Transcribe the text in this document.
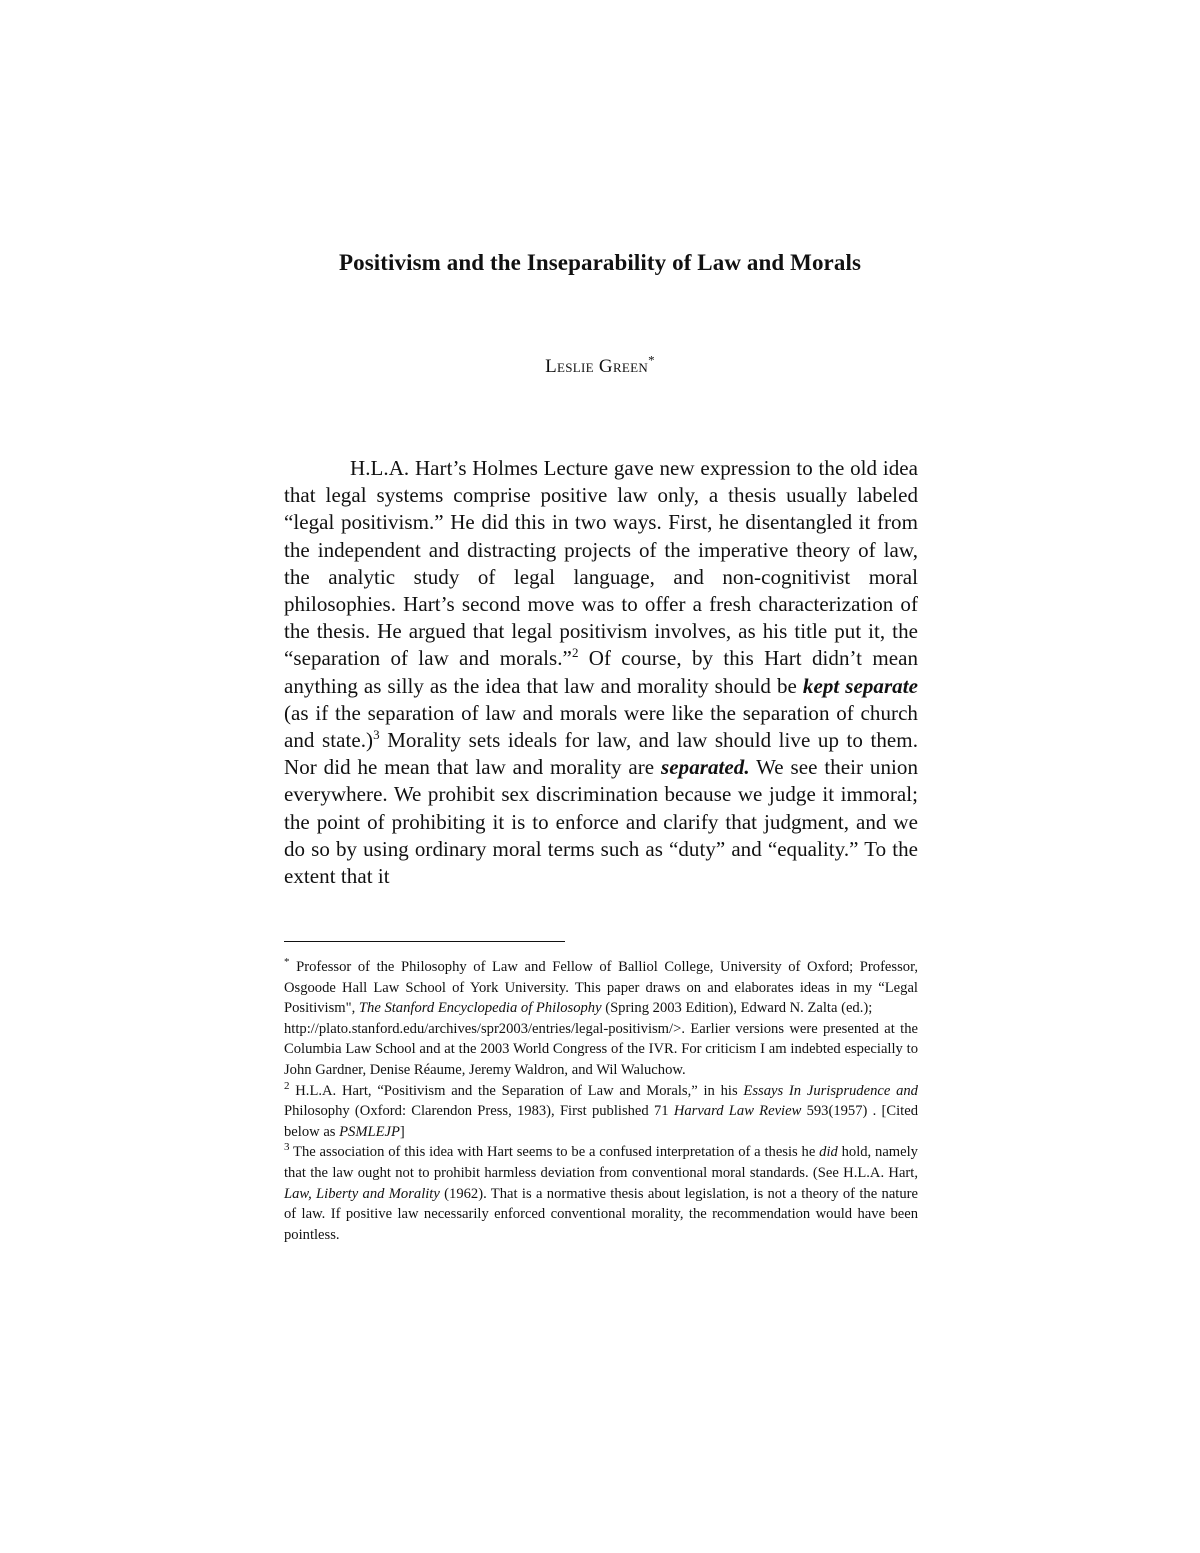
Positivism and the Inseparability of Law and Morals
Leslie Green*
H.L.A. Hart’s Holmes Lecture gave new expression to the old idea that legal systems comprise positive law only, a thesis usually labeled “legal positivism.” He did this in two ways. First, he disentangled it from the independent and distracting projects of the imperative theory of law, the analytic study of legal language, and non-cognitivist moral philosophies. Hart’s second move was to offer a fresh characterization of the thesis. He argued that legal positivism involves, as his title put it, the “separation of law and morals.”$^2$ Of course, by this Hart didn’t mean anything as silly as the idea that law and morality should be kept separate (as if the separation of law and morals were like the separation of church and state.)$^3$ Morality sets ideals for law, and law should live up to them. Nor did he mean that law and morality are separated. We see their union everywhere. We prohibit sex discrimination because we judge it immoral; the point of prohibiting it is to enforce and clarify that judgment, and we do so by using ordinary moral terms such as “duty” and “equality.” To the extent that it

* Professor of the Philosophy of Law and Fellow of Balliol College, University of Oxford; Professor, Osgoode Hall Law School of York University. This paper draws on and elaborates ideas in my “Legal Positivism", The Stanford Encyclopedia of Philosophy (Spring 2003 Edition), Edward N. Zalta (ed.);

http://plato.stanford.edu/archives/spr2003/entries/legal-positivism/>. Earlier versions were presented at the Columbia Law School and at the 2003 World Congress of the IVR. For criticism I am indebted especially to John Gardner, Denise Réaume, Jeremy Waldron, and Wil Waluchow.

$^2$ H.L.A. Hart, “Positivism and the Separation of Law and Morals,” in his Essays In Jurisprudence and Philosophy (Oxford: Clarendon Press, 1983), First published 71 Harvard Law Review 593(1957) . [Cited below as PSMLEJP]

$^3$ The association of this idea with Hart seems to be a confused interpretation of a thesis he did hold, namely that the law ought not to prohibit harmless deviation from conventional moral standards. (See H.L.A. Hart, Law, Liberty and Morality (1962). That is a normative thesis about legislation, is not a theory of the nature of law. If positive law necessarily enforced conventional morality, the recommendation would have been pointless.
